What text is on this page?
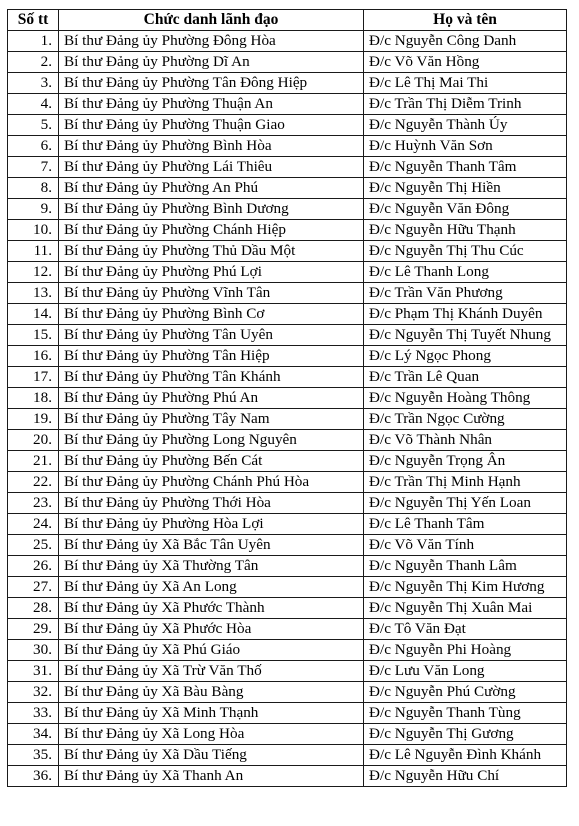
Số tt	Chức danh lãnh đạo	Họ và tên
1.	Bí thư Đảng ủy Phường Đông Hòa	Đ/c Nguyễn Công Danh
2.	Bí thư Đảng ủy Phường Dĩ An	Đ/c Võ Văn Hồng
3.	Bí thư Đảng ủy Phường Tân Đông Hiệp	Đ/c Lê Thị Mai Thi
4.	Bí thư Đảng ủy Phường Thuận An	Đ/c Trần Thị Diễm Trinh
5.	Bí thư Đảng ủy Phường Thuận Giao	Đ/c Nguyễn Thành Úy
6.	Bí thư Đảng ủy Phường Bình Hòa	Đ/c Huỳnh Văn Sơn
7.	Bí thư Đảng ủy Phường Lái Thiêu	Đ/c Nguyễn Thanh Tâm
8.	Bí thư Đảng ủy Phường An Phú	Đ/c Nguyễn Thị Hiền
9.	Bí thư Đảng ủy Phường Bình Dương	Đ/c Nguyễn Văn Đông
10.	Bí thư Đảng ủy Phường Chánh Hiệp	Đ/c Nguyễn Hữu Thạnh
11.	Bí thư Đảng ủy Phường Thủ Dầu Một	Đ/c Nguyễn Thị Thu Cúc
12.	Bí thư Đảng ủy Phường Phú Lợi	Đ/c Lê Thanh Long
13.	Bí thư Đảng ủy Phường Vĩnh Tân	Đ/c Trần Văn Phương
14.	Bí thư Đảng ủy Phường Bình Cơ	Đ/c Phạm Thị Khánh Duyên
15.	Bí thư Đảng ủy Phường Tân Uyên	Đ/c Nguyễn Thị Tuyết Nhung
16.	Bí thư Đảng ủy Phường Tân Hiệp	Đ/c Lý Ngọc Phong
17.	Bí thư Đảng ủy Phường Tân Khánh	Đ/c Trần Lê Quan
18.	Bí thư Đảng ủy Phường Phú An	Đ/c Nguyễn Hoàng Thông
19.	Bí thư Đảng ủy Phường Tây Nam	Đ/c Trần Ngọc Cường
20.	Bí thư Đảng ủy Phường Long Nguyên	Đ/c Võ Thành Nhân
21.	Bí thư Đảng ủy Phường Bến Cát	Đ/c Nguyễn Trọng Ân
22.	Bí thư Đảng ủy Phường Chánh Phú Hòa	Đ/c Trần Thị Minh Hạnh
23.	Bí thư Đảng ủy Phường Thới Hòa	Đ/c Nguyễn Thị Yến Loan
24.	Bí thư Đảng ủy Phường Hòa Lợi	Đ/c Lê Thanh Tâm
25.	Bí thư Đảng ủy Xã Bắc Tân Uyên	Đ/c Võ Văn Tính
26.	Bí thư Đảng ủy Xã Thường Tân	Đ/c Nguyễn Thanh Lâm
27.	Bí thư Đảng ủy Xã An Long	Đ/c Nguyễn Thị Kim Hương
28.	Bí thư Đảng ủy Xã Phước Thành	Đ/c Nguyễn Thị Xuân Mai
29.	Bí thư Đảng ủy Xã Phước Hòa	Đ/c Tô Văn Đạt
30.	Bí thư Đảng ủy Xã Phú Giáo	Đ/c Nguyễn Phi Hoàng
31.	Bí thư Đảng ủy Xã Trừ Văn Thố	Đ/c Lưu Văn Long
32.	Bí thư Đảng ủy Xã Bàu Bàng	Đ/c Nguyễn Phú Cường
33.	Bí thư Đảng ủy Xã Minh Thạnh	Đ/c Nguyễn Thanh Tùng
34.	Bí thư Đảng ủy Xã Long Hòa	Đ/c Nguyễn Thị Gương
35.	Bí thư Đảng ủy Xã Dầu Tiếng	Đ/c Lê Nguyễn Đình Khánh
36.	Bí thư Đảng ủy Xã Thanh An	Đ/c Nguyễn Hữu Chí
